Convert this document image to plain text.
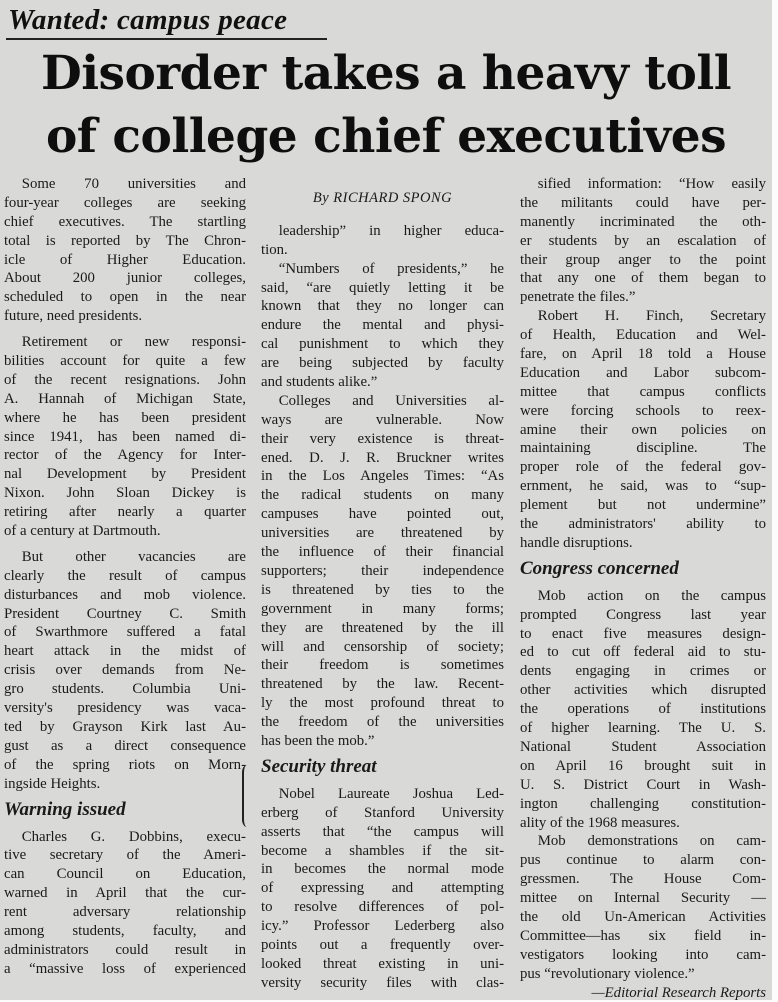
Wanted: campus peace
Disorder takes a heavy toll
of college chief executives
Some 70 universities and
four-year colleges are seeking
chief executives. The startling
total is reported by The Chron-
icle of Higher Education.
About 200 junior colleges,
scheduled to open in the near
future, need presidents.
Retirement or new responsi-
bilities account for quite a few
of the recent resignations. John
A. Hannah of Michigan State,
where he has been president
since 1941, has been named di-
rector of the Agency for Inter-
nal Development by President
Nixon. John Sloan Dickey is
retiring after nearly a quarter
of a century at Dartmouth.
But other vacancies are
clearly the result of campus
disturbances and mob violence.
President Courtney C. Smith
of Swarthmore suffered a fatal
heart attack in the midst of
crisis over demands from Ne-
gro students. Columbia Uni-
versity's presidency was vaca-
ted by Grayson Kirk last Au-
gust as a direct consequence
of the spring riots on Morn-
ingside Heights.
Warning issued
Charles G. Dobbins, execu-
tive secretary of the Ameri-
can Council on Education,
warned in April that the cur-
rent adversary relationship
among students, faculty, and
administrators could result in
a “massive loss of experienced
By RICHARD SPONG
leadership” in higher educa-
tion.
“Numbers of presidents,” he
said, “are quietly letting it be
known that they no longer can
endure the mental and physi-
cal punishment to which they
are being subjected by faculty
and students alike.”
Colleges and Universities al-
ways are vulnerable. Now
their very existence is threat-
ened. D. J. R. Bruckner writes
in the Los Angeles Times: “As
the radical students on many
campuses have pointed out,
universities are threatened by
the influence of their financial
supporters; their independence
is threatened by ties to the
government in many forms;
they are threatened by the ill
will and censorship of society;
their freedom is sometimes
threatened by the law. Recent-
ly the most profound threat to
the freedom of the universities
has been the mob.”
Security threat
Nobel Laureate Joshua Led-
erberg of Stanford University
asserts that “the campus will
become a shambles if the sit-
in becomes the normal mode
of expressing and attempting
to resolve differences of pol-
icy.” Professor Lederberg also
points out a frequently over-
looked threat existing in uni-
versity security files with clas-
sified information: “How easily
the militants could have per-
manently incriminated the oth-
er students by an escalation of
their group anger to the point
that any one of them began to
penetrate the files.”
Robert H. Finch, Secretary
of Health, Education and Wel-
fare, on April 18 told a House
Education and Labor subcom-
mittee that campus conflicts
were forcing schools to reex-
amine their own policies on
maintaining discipline. The
proper role of the federal gov-
ernment, he said, was to “sup-
plement but not undermine”
the administrators' ability to
handle disruptions.
Congress concerned
Mob action on the campus
prompted Congress last year
to enact five measures design-
ed to cut off federal aid to stu-
dents engaging in crimes or
other activities which disrupted
the operations of institutions
of higher learning. The U. S.
National Student Association
on April 16 brought suit in
U. S. District Court in Wash-
ington challenging constitution-
ality of the 1968 measures.
Mob demonstrations on cam-
pus continue to alarm con-
gressmen. The House Com-
mittee on Internal Security —
the old Un-American Activities
Committee—has six field in-
vestigators looking into cam-
pus “revolutionary violence.”
—Editorial Research Reports
